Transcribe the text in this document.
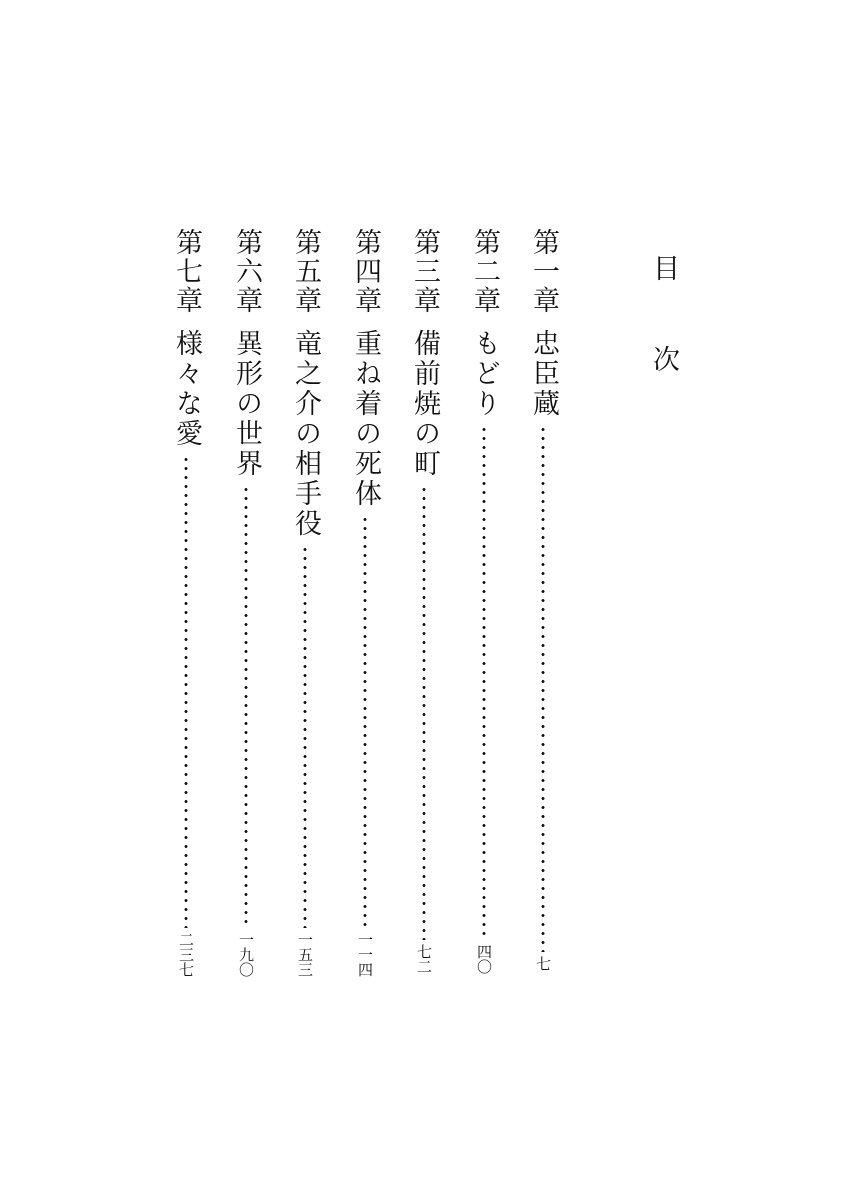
目次
第一章
忠臣蔵
七
第二章
もどり
四〇
第三章
備前焼の町
七二
第四章
重ね着の死体
一一四
第五章
竜之介の相手役
一五三
第六章
異形の世界
一九〇
第七章
様々な愛
二三七
